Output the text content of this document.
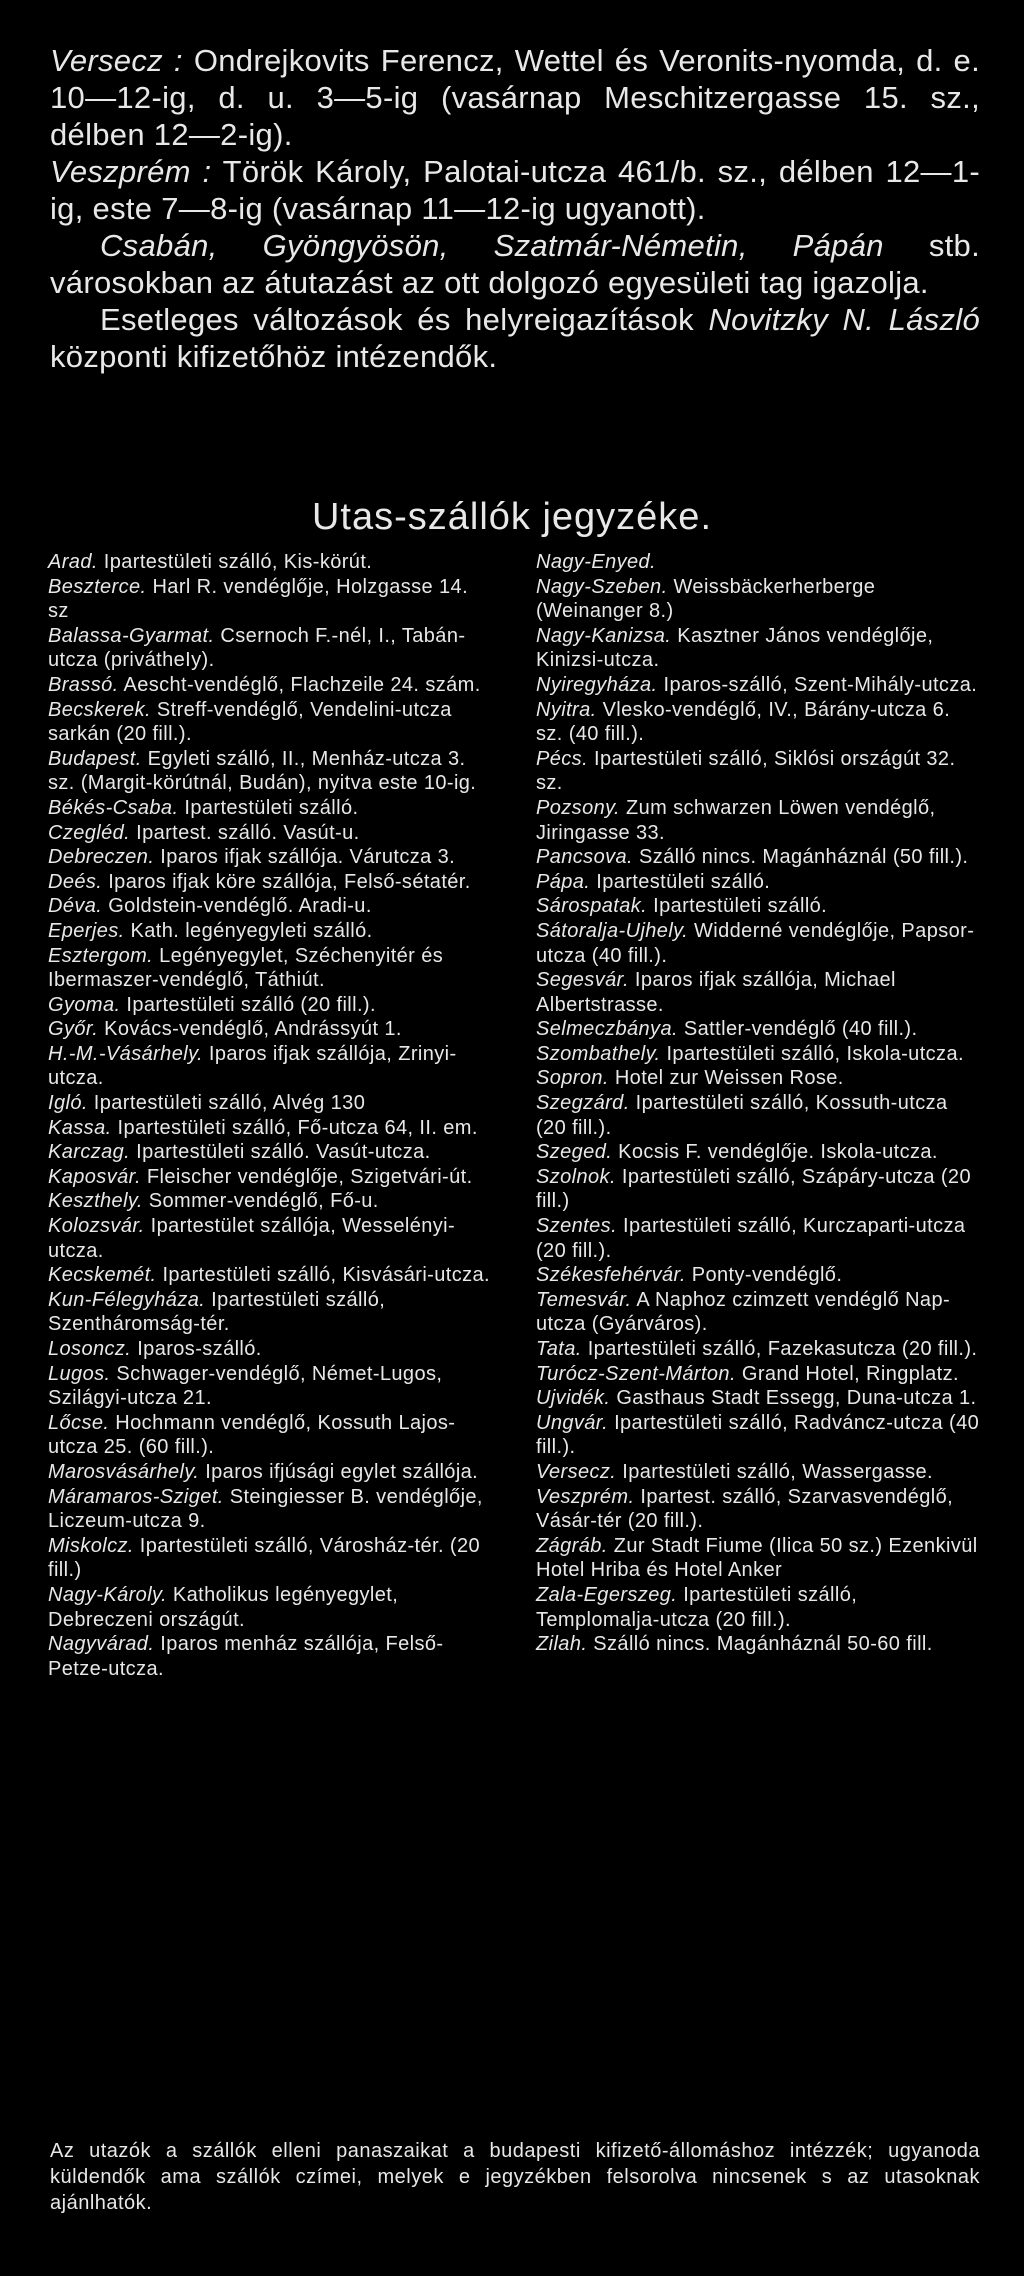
Versecz : Ondrejkovits Ferencz, Wettel és Veronits-nyomda, d. e. 10—12-ig, d. u. 3—5-ig (vasárnap Meschitzergasse 15. sz., délben 12—2-ig).

Veszprém : Török Károly, Palotai-utcza 461/b. sz., délben 12—1-ig, este 7—8-ig (vasárnap 11—12-ig ugyanott).

Csabán, Gyöngyösön, Szatmár-Németin, Pápán stb. városokban az átutazást az ott dolgozó egyesületi tag igazolja.

Esetleges változások és helyreigazítások Novitzky N. László központi kifizetőhöz intézendők.

Utas-szállók jegyzéke.

Arad. Ipartestületi szálló, Kis-körút.

Beszterce. Harl R. vendéglője, Holzgasse 14. sz

Balassa-Gyarmat. Csernoch F.-nél, I., Tabán-utcza (privátheIy).

Brassó. Aescht-vendéglő, Flachzeile 24. szám.

Becskerek. Streff-vendéglő, Vendelini-utcza sarkán (20 fill.).

Budapest. Egyleti szálló, II., Menház-utcza 3. sz. (Margit-körútnál, Budán), nyitva este 10-ig.

Békés-Csaba. Ipartestületi szálló.

Czegléd. Ipartest. szálló. Vasút-u.

Debreczen. Iparos ifjak szállója. Várutcza 3.

Deés. Iparos ifjak köre szállója, Felső-sétatér.

Déva. Goldstein-vendéglő. Aradi-u.

Eperjes. Kath. legényegyleti szálló.

Esztergom. Legényegylet, Széchenyitér és Ibermaszer-vendéglő, Táthiút.

Gyoma. Ipartestületi szálló (20 fill.).

Győr. Kovács-vendéglő, Andrássyút 1.

H.-M.-Vásárhely. Iparos ifjak szállója, Zrinyi-utcza.

Igló. Ipartestületi szálló, Alvég 130

Kassa. Ipartestületi szálló, Fő-utcza 64, II. em.

Karczag. Ipartestületi szálló. Vasút-utcza.

Kaposvár. Fleischer vendéglője, Szigetvári-út.

Keszthely. Sommer-vendéglő, Fő-u.

Kolozsvár. Ipartestület szállója, Wesselényi-utcza.

Kecskemét. Ipartestületi szálló, Kisvásári-utcza.

Kun-Félegyháza. Ipartestületi szálló, Szentháromság-tér.

Losoncz. Iparos-szálló.

Lugos. Schwager-vendéglő, Német-Lugos, Szilágyi-utcza 21.

Lőcse. Hochmann vendéglő, Kossuth Lajos-utcza 25. (60 fill.).

Marosvásárhely. Iparos ifjúsági egylet szállója.

Máramaros-Sziget. Steingiesser B. vendéglője, Liczeum-utcza 9.

Miskolcz. Ipartestületi szálló, Városház-tér. (20 fill.)

Nagy-Károly. Katholikus legényegylet, Debreczeni országút.

Nagyvárad. Iparos menház szállója, Felső-Petze-utcza.

Nagy-Enyed.

Nagy-Szeben. Weissbäckerherberge (Weinanger 8.)

Nagy-Kanizsa. Kasztner János vendéglője, Kinizsi-utcza.

Nyiregyháza. Iparos-szálló, Szent-Mihály-utcza.

Nyitra. Vlesko-vendéglő, IV., Bárány-utcza 6. sz. (40 fill.).

Pécs. Ipartestületi szálló, Siklósi országút 32. sz.

Pozsony. Zum schwarzen Löwen vendéglő, Jiringasse 33.

Pancsova. Szálló nincs. Magánháznál (50 fill.).

Pápa. Ipartestületi szálló.

Sárospatak. Ipartestületi szálló.

Sátoralja-Ujhely. Widderné vendéglője, Papsor-utcza (40 fill.).

Segesvár. Iparos ifjak szállója, Michael Albertstrasse.

Selmeczbánya. Sattler-vendéglő (40 fill.).

Szombathely. Ipartestületi szálló, Iskola-utcza.

Sopron. Hotel zur Weissen Rose.

Szegzárd. Ipartestületi szálló, Kossuth-utcza (20 fill.).

Szeged. Kocsis F. vendéglője. Iskola-utcza.

Szolnok. Ipartestületi szálló, Szápáry-utcza (20 fill.)

Szentes. Ipartestületi szálló, Kurczaparti-utcza (20 fill.).

Székesfehérvár. Ponty-vendéglő.

Temesvár. A Naphoz czimzett vendéglő Nap-utcza (Gyárváros).

Tata. Ipartestületi szálló, Fazekasutcza (20 fill.).

Turócz-Szent-Márton. Grand Hotel, Ringplatz.

Ujvidék. Gasthaus Stadt Essegg, Duna-utcza 1.

Ungvár. Ipartestületi szálló, Radváncz-utcza (40 fill.).

Versecz. Ipartestületi szálló, Wassergasse.

Veszprém. Ipartest. szálló, Szarvasvendéglő, Vásár-tér (20 fill.).

Zágráb. Zur Stadt Fiume (Ilica 50 sz.) Ezenkivül Hotel Hriba és Hotel Anker

Zala-Egerszeg. Ipartestületi szálló, Templomalja-utcza (20 fill.).

Zilah. Szálló nincs. Magánháznál 50-60 fill.

Az utazók a szállók elleni panaszaikat a budapesti kifizető-állomáshoz intézzék; ugyanoda küldendők ama szállók czímei, melyek e jegyzékben felsorolva nincsenek s az utasoknak ajánlhatók.
